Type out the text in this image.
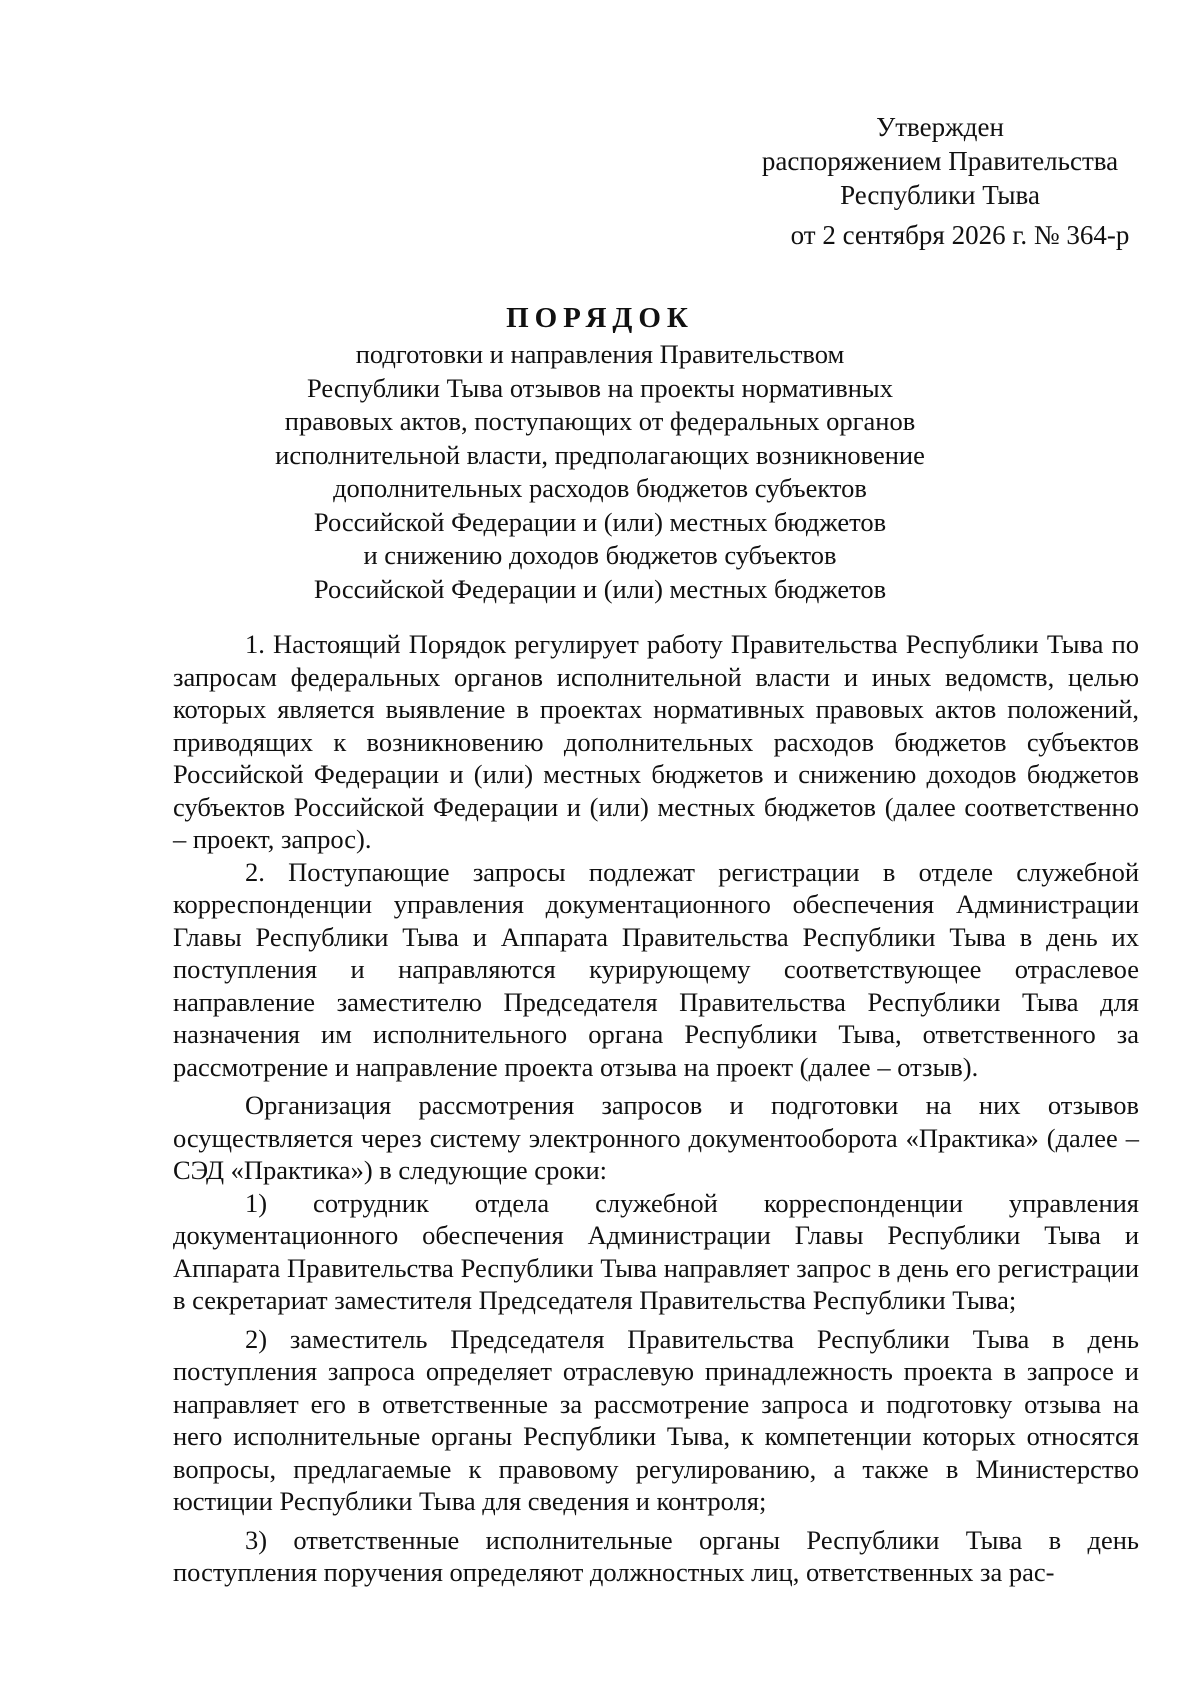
Утвержден
распоряжением Правительства
Республики Тыва
от 2 сентября 2026 г. № 364-р
ПОРЯДОК
подготовки и направления Правительством
Республики Тыва отзывов на проекты нормативных
правовых актов, поступающих от федеральных органов
исполнительной власти, предполагающих возникновение
дополнительных расходов бюджетов субъектов
Российской Федерации и (или) местных бюджетов
и снижению доходов бюджетов субъектов
Российской Федерации и (или) местных бюджетов

1. Настоящий Порядок регулирует работу Правительства Республики Тыва по запросам федеральных органов исполнительной власти и иных ведомств, целью которых является выявление в проектах нормативных правовых актов положений, приводящих к возникновению дополнительных расходов бюджетов субъектов Российской Федерации и (или) местных бюджетов и снижению доходов бюджетов субъектов Российской Федерации и (или) местных бюджетов (далее соответственно – проект, запрос).

2. Поступающие запросы подлежат регистрации в отделе служебной корреспонденции управления документационного обеспечения Администрации Главы Республики Тыва и Аппарата Правительства Республики Тыва в день их поступления и направляются курирующему соответствующее отраслевое направление заместителю Председателя Правительства Республики Тыва для назначения им исполнительного органа Республики Тыва, ответственного за рассмотрение и направление проекта отзыва на проект (далее – отзыв).

Организация рассмотрения запросов и подготовки на них отзывов осуществляется через систему электронного документооборота «Практика» (далее – СЭД «Практика») в следующие сроки:

1) сотрудник отдела служебной корреспонденции управления документационного обеспечения Администрации Главы Республики Тыва и Аппарата Правительства Республики Тыва направляет запрос в день его регистрации в секретариат заместителя Председателя Правительства Республики Тыва;

2) заместитель Председателя Правительства Республики Тыва в день поступления запроса определяет отраслевую принадлежность проекта в запросе и направляет его в ответственные за рассмотрение запроса и подготовку отзыва на него исполнительные органы Республики Тыва, к компетенции которых относятся вопросы, предлагаемые к правовому регулированию, а также в Министерство юстиции Республики Тыва для сведения и контроля;

3) ответственные исполнительные органы Республики Тыва в день поступления поручения определяют должностных лиц, ответственных за рас-
